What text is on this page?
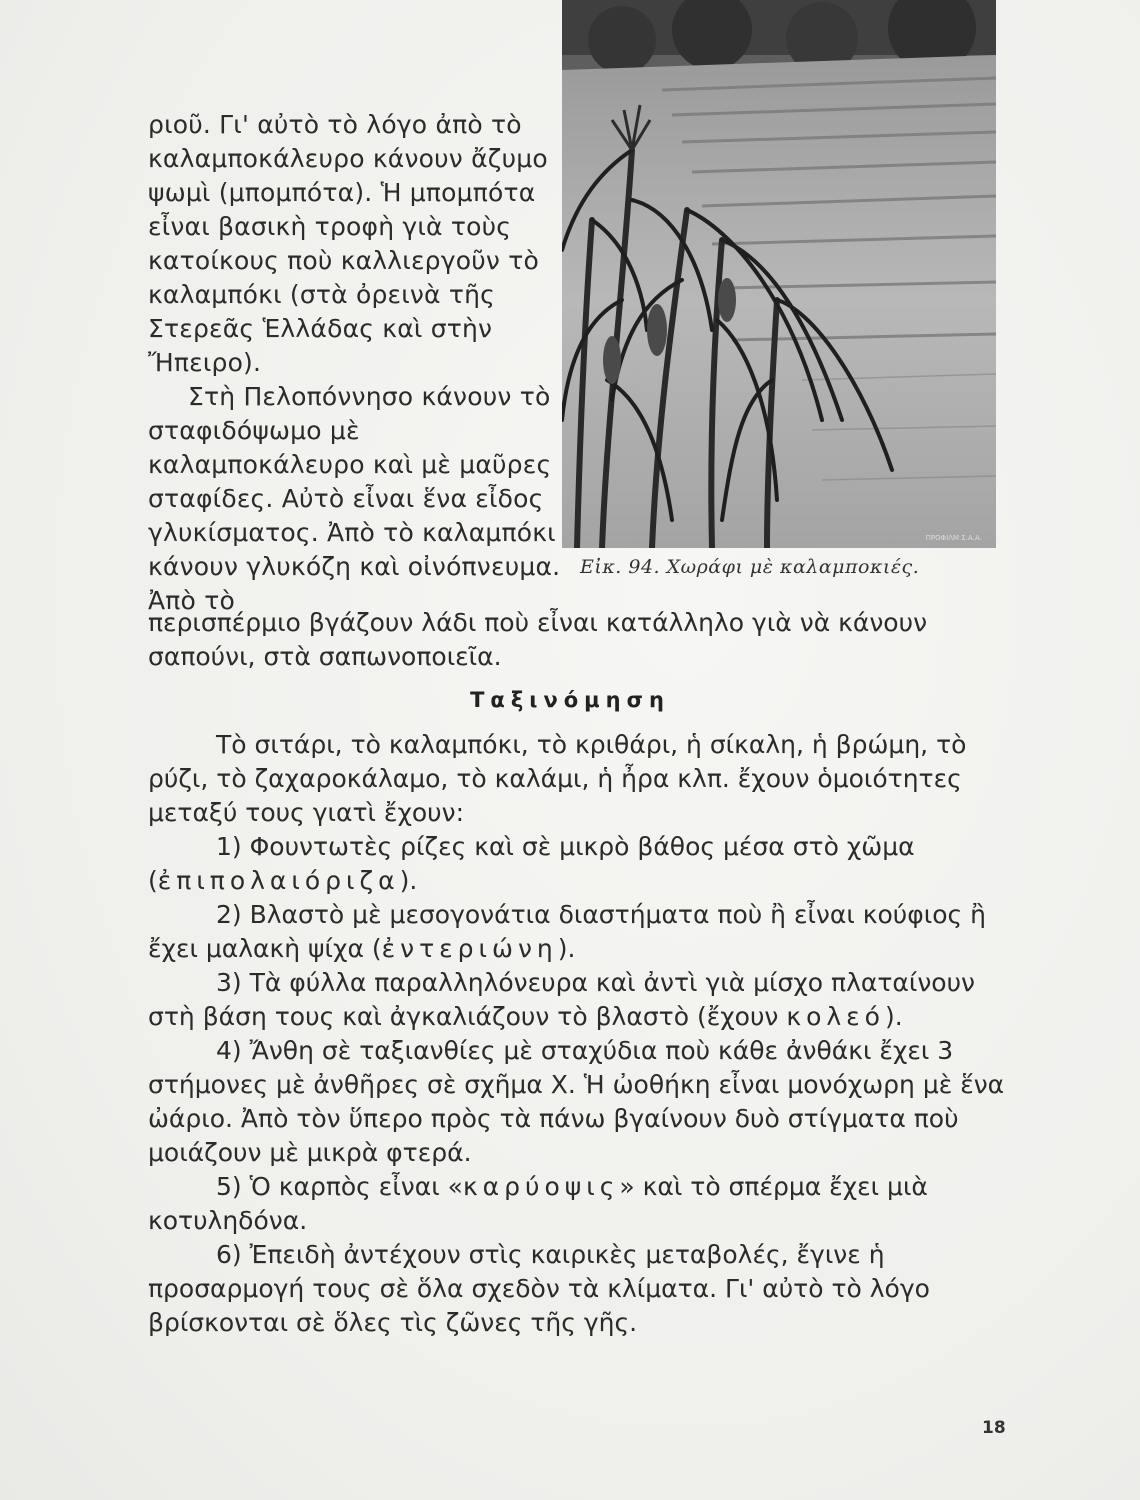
ριοῦ. Γι' αὐτὸ τὸ λόγο ἀπὸ τὸ καλαμποκάλευρο κάνουν ἄζυμο ψωμὶ (μπομπότα). Ἡ μπομπότα εἶναι βασικὴ τροφὴ γιὰ τοὺς κατοίκους ποὺ καλλιεργοῦν τὸ καλαμπόκι (στὰ ὀρεινὰ τῆς Στερεᾶς Ἑλλάδας καὶ στὴν Ἤπειρο).

Στὴ Πελοπόννησο κάνουν τὸ σταφιδόψωμο μὲ καλαμποκάλευρο καὶ μὲ μαῦρες σταφίδες. Αὐτὸ εἶναι ἕνα εἶδος γλυκίσματος. Ἀπὸ τὸ καλαμπόκι κάνουν γλυκόζη καὶ οἰνόπνευμα. Ἀπὸ τὸ

ΠΡΟΦΙΛΜ Σ.Α.Α.
Εἰκ. 94. Χωράφι μὲ καλαμποκιές.

περισπέρμιο βγάζουν λάδι ποὺ εἶναι κατάλληλο γιὰ νὰ κάνουν σαπούνι, στὰ σαπωνοποιεῖα.

Ταξινόμηση

Τὸ σιτάρι, τὸ καλαμπόκι, τὸ κριθάρι, ἡ σίκαλη, ἡ βρώμη, τὸ ρύζι, τὸ ζαχαροκάλαμο, τὸ καλάμι, ἡ ἦρα κλπ. ἔχουν ὁμοιότητες μεταξύ τους γιατὶ ἔχουν:

1) Φουντωτὲς ρίζες καὶ σὲ μικρὸ βάθος μέσα στὸ χῶμα (ἐπιπολαιόριζα).

2) Βλαστὸ μὲ μεσογονάτια διαστήματα ποὺ ἢ εἶναι κούφιος ἢ ἔχει μαλακὴ ψίχα (ἐντεριώνη).

3) Τὰ φύλλα παραλληλόνευρα καὶ ἀντὶ γιὰ μίσχο πλαταίνουν στὴ βάση τους καὶ ἀγκαλιάζουν τὸ βλαστὸ (ἔχουν κολεό).

4) Ἄνθη σὲ ταξιανθίες μὲ σταχύδια ποὺ κάθε ἀνθάκι ἔχει 3 στήμονες μὲ ἀνθῆρες σὲ σχῆμα Χ. Ἡ ὠοθήκη εἶναι μονόχωρη μὲ ἕνα ὠάριο. Ἀπὸ τὸν ὕπερο πρὸς τὰ πάνω βγαίνουν δυὸ στίγματα ποὺ μοιάζουν μὲ μικρὰ φτερά.

5) Ὁ καρπὸς εἶναι «καρύοψις» καὶ τὸ σπέρμα ἔχει μιὰ κοτυληδόνα.

6) Ἐπειδὴ ἀντέχουν στὶς καιρικὲς μεταβολές, ἔγινε ἡ προσαρμογή τους σὲ ὅλα σχεδὸν τὰ κλίματα. Γι' αὐτὸ τὸ λόγο βρίσκονται σὲ ὅλες τὶς ζῶνες τῆς γῆς.

18
